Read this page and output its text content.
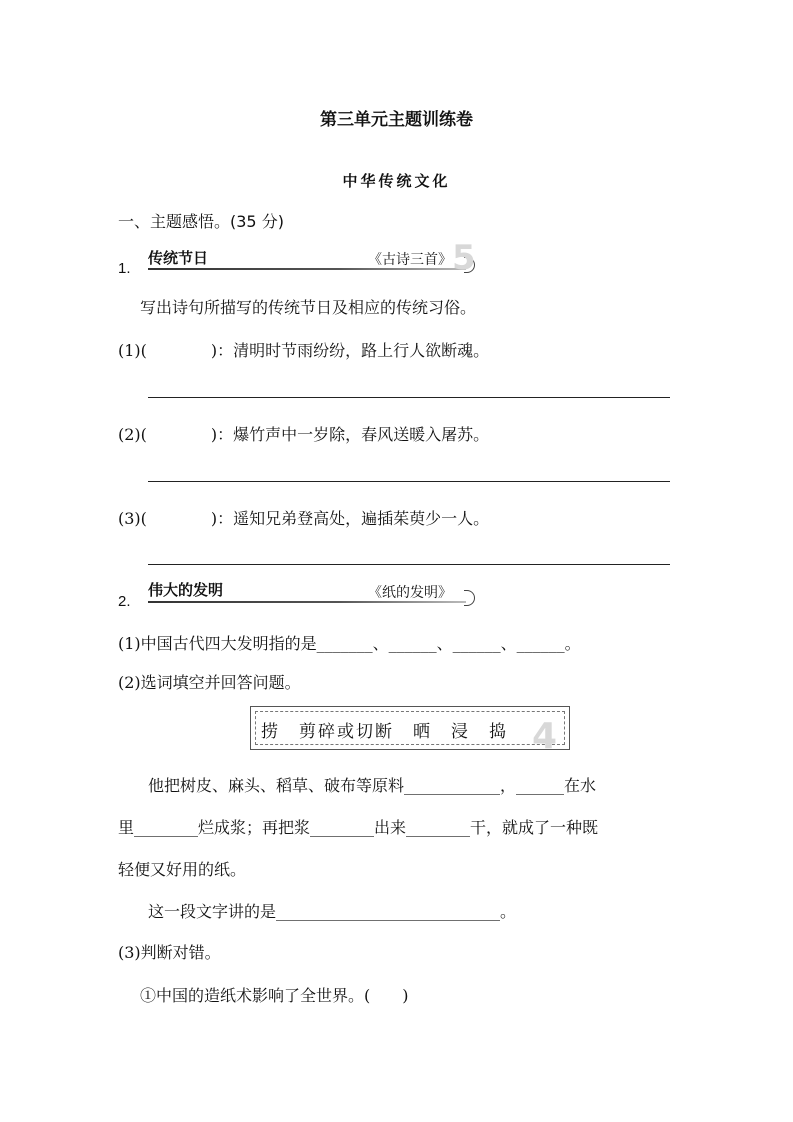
第三单元主题训练卷
中华传统文化
一、主题感悟。(35 分)
1.
传统节日	《古诗三首》 5
写出诗句所描写的传统节日及相应的传统习俗。
(1)(　　　　)：清明时节雨纷纷，路上行人欲断魂。
(2)(　　　　)：爆竹声中一岁除，春风送暖入屠苏。
(3)(　　　　)：遥知兄弟登高处，遍插茱萸少一人。
2.
伟大的发明	《纸的发明》
(1)中国古代四大发明指的是_______、______、______、______。
(2)选词填空并回答问题。
捞　剪碎或切断　晒　浸　捣 4
他把树皮、麻头、稻草、破布等原料____________，______在水
里________烂成浆；再把浆________出来________干，就成了一种既
轻便又好用的纸。
这一段文字讲的是____________________________。
(3)判断对错。
①中国的造纸术影响了全世界。(　　)
